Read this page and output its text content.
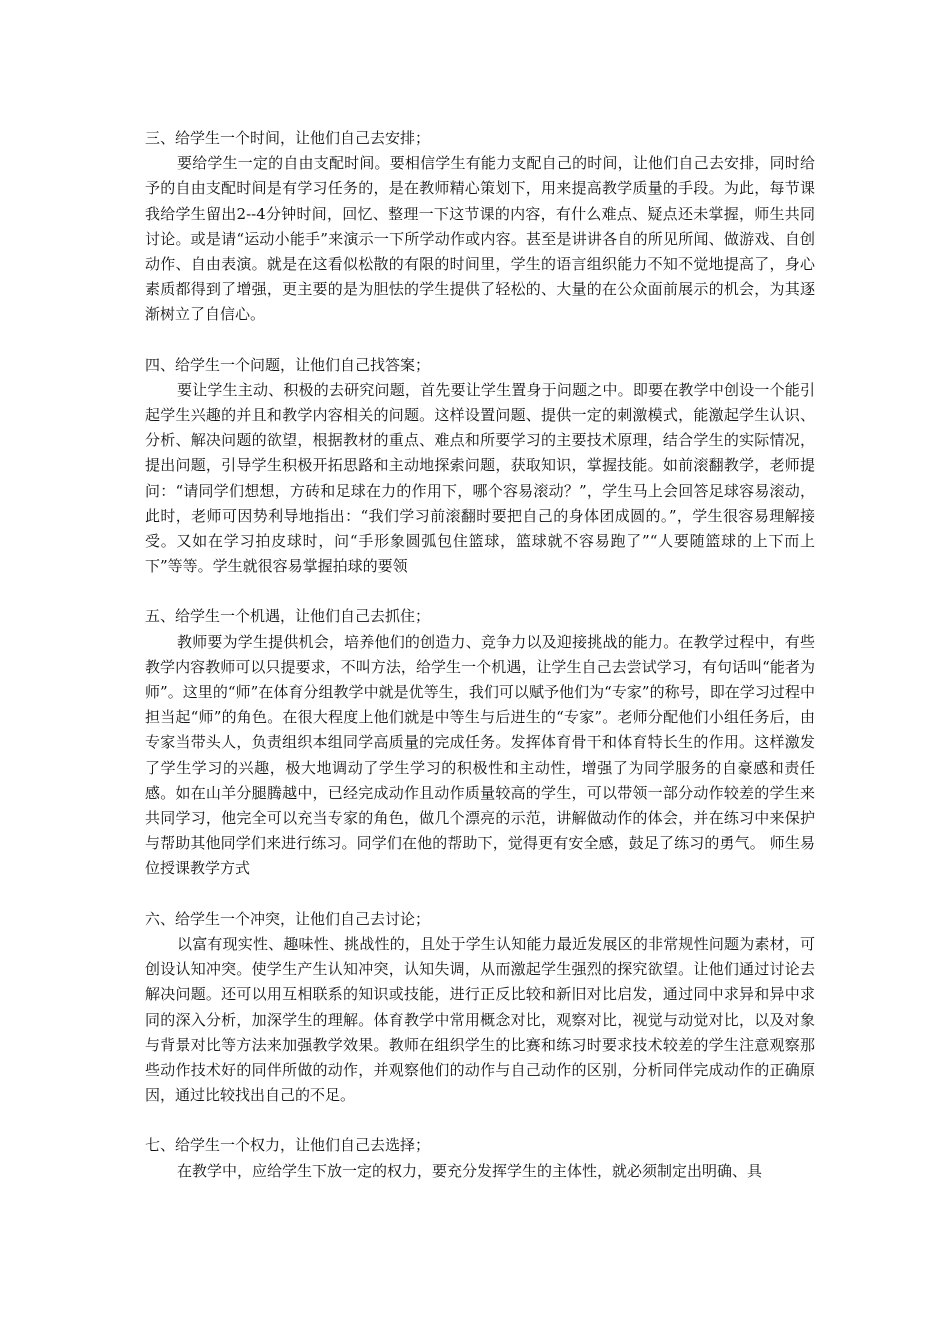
三、给学生一个时间，让他们自己去安排；

要给学生一定的自由支配时间。要相信学生有能力支配自己的时间，让他们自己去安排，同时给予的自由支配时间是有学习任务的，是在教师精心策划下，用来提高教学质量的手段。为此，每节课我给学生留出2--4分钟时间，回忆、整理一下这节课的内容，有什么难点、疑点还未掌握，师生共同讨论。或是请“运动小能手”来演示一下所学动作或内容。甚至是讲讲各自的所见所闻、做游戏、自创动作、自由表演。就是在这看似松散的有限的时间里，学生的语言组织能力不知不觉地提高了，身心素质都得到了增强，更主要的是为胆怯的学生提供了轻松的、大量的在公众面前展示的机会，为其逐渐树立了自信心。

四、给学生一个问题，让他们自己找答案；

要让学生主动、积极的去研究问题，首先要让学生置身于问题之中。即要在教学中创设一个能引起学生兴趣的并且和教学内容相关的问题。这样设置问题、提供一定的刺激模式，能激起学生认识、分析、解决问题的欲望，根据教材的重点、难点和所要学习的主要技术原理，结合学生的实际情况，提出问题，引导学生积极开拓思路和主动地探索问题，获取知识，掌握技能。如前滚翻教学，老师提问：“请同学们想想，方砖和足球在力的作用下，哪个容易滚动？”，学生马上会回答足球容易滚动，此时，老师可因势利导地指出：“我们学习前滚翻时要把自己的身体团成圆的。”，学生很容易理解接受。又如在学习拍皮球时，问“手形象圆弧包住篮球，篮球就不容易跑了”“人要随篮球的上下而上下”等等。学生就很容易掌握拍球的要领

五、给学生一个机遇，让他们自己去抓住；

教师要为学生提供机会，培养他们的创造力、竞争力以及迎接挑战的能力。在教学过程中，有些教学内容教师可以只提要求，不叫方法，给学生一个机遇，让学生自己去尝试学习，有句话叫“能者为师”。这里的“师”在体育分组教学中就是优等生，我们可以赋予他们为“专家”的称号，即在学习过程中担当起“师”的角色。在很大程度上他们就是中等生与后进生的“专家”。老师分配他们小组任务后，由专家当带头人，负责组织本组同学高质量的完成任务。发挥体育骨干和体育特长生的作用。这样激发了学生学习的兴趣，极大地调动了学生学习的积极性和主动性，增强了为同学服务的自豪感和责任感。如在山羊分腿腾越中，已经完成动作且动作质量较高的学生，可以带领一部分动作较差的学生来共同学习，他完全可以充当专家的角色，做几个漂亮的示范，讲解做动作的体会，并在练习中来保护与帮助其他同学们来进行练习。同学们在他的帮助下，觉得更有安全感，鼓足了练习的勇气。 师生易位授课教学方式

六、给学生一个冲突，让他们自己去讨论；

以富有现实性、趣味性、挑战性的，且处于学生认知能力最近发展区的非常规性问题为素材，可创设认知冲突。使学生产生认知冲突，认知失调，从而激起学生强烈的探究欲望。让他们通过讨论去解决问题。还可以用互相联系的知识或技能，进行正反比较和新旧对比启发，通过同中求异和异中求同的深入分析，加深学生的理解。体育教学中常用概念对比，观察对比，视觉与动觉对比，以及对象与背景对比等方法来加强教学效果。教师在组织学生的比赛和练习时要求技术较差的学生注意观察那些动作技术好的同伴所做的动作，并观察他们的动作与自己动作的区别，分析同伴完成动作的正确原因，通过比较找出自己的不足。

七、给学生一个权力，让他们自己去选择；

在教学中，应给学生下放一定的权力，要充分发挥学生的主体性，就必须制定出明确、具
